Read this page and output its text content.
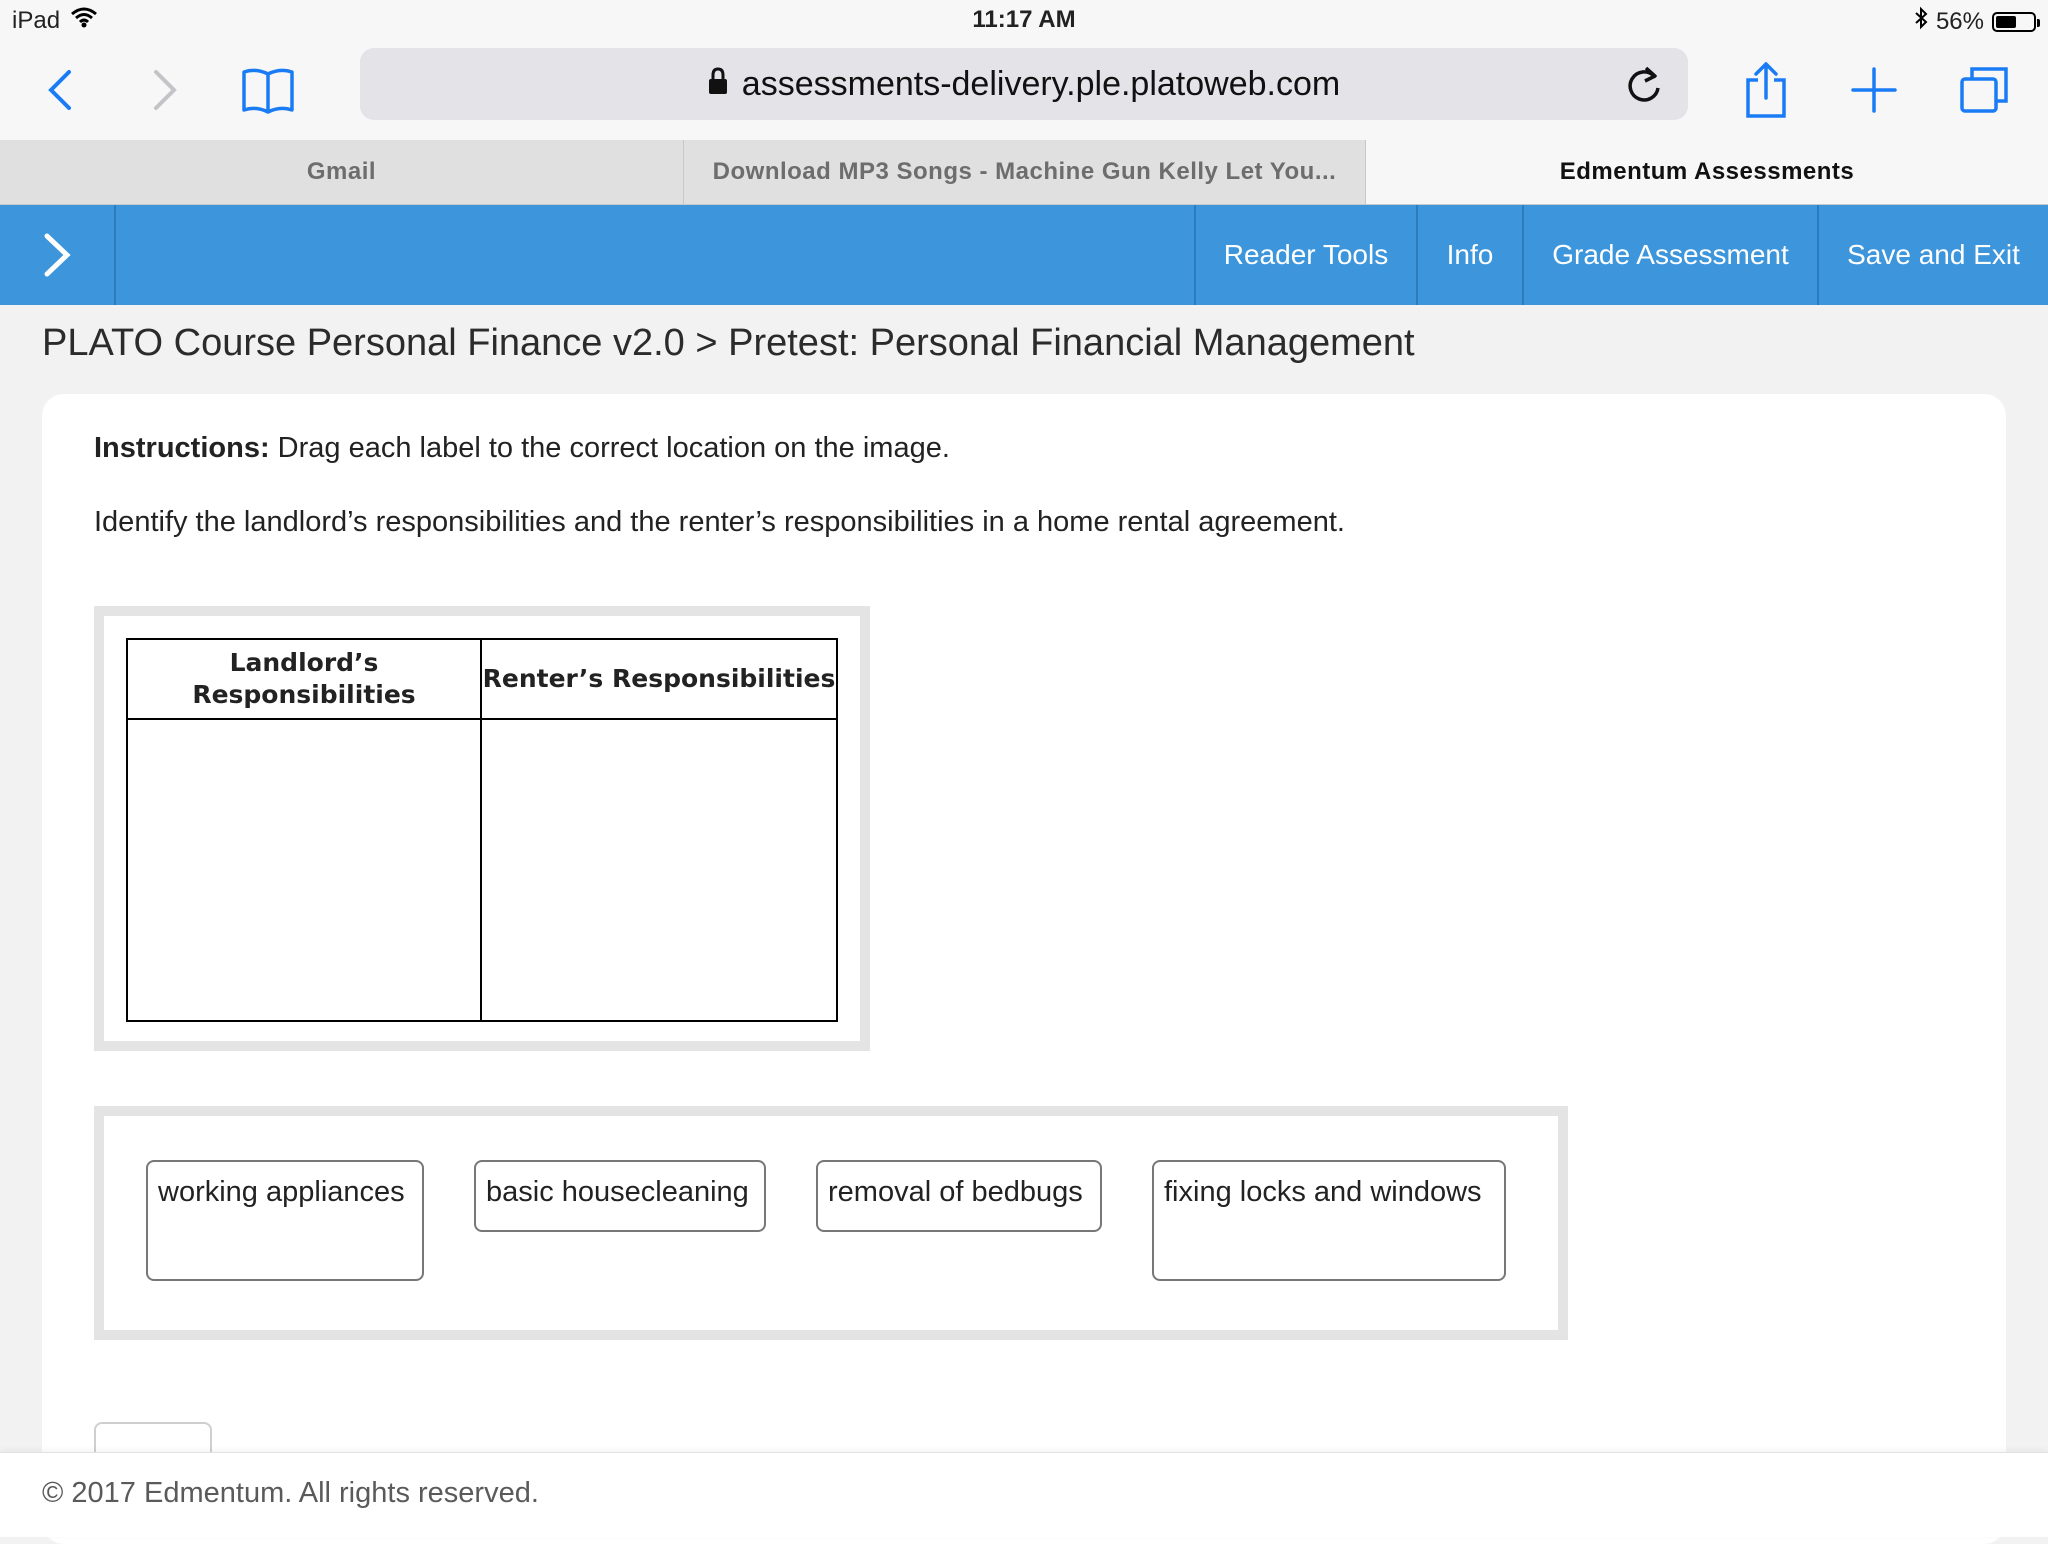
iPad	11:17 AM	56%
assessments-delivery.ple.platoweb.com
Gmail	Download MP3 Songs - Machine Gun Kelly Let You...	Edmentum Assessments
Reader Tools	Info	Grade Assessment	Save and Exit
PLATO Course Personal Finance v2.0 > Pretest: Personal Financial Management
Instructions: Drag each label to the correct location on the image.
Identify the landlord’s responsibilities and the renter’s responsibilities in a home rental agreement.
Landlord’s Responsibilities
Renter’s Responsibilities
working appliances	basic housecleaning	removal of bedbugs	fixing locks and windows
© 2017 Edmentum. All rights reserved.
